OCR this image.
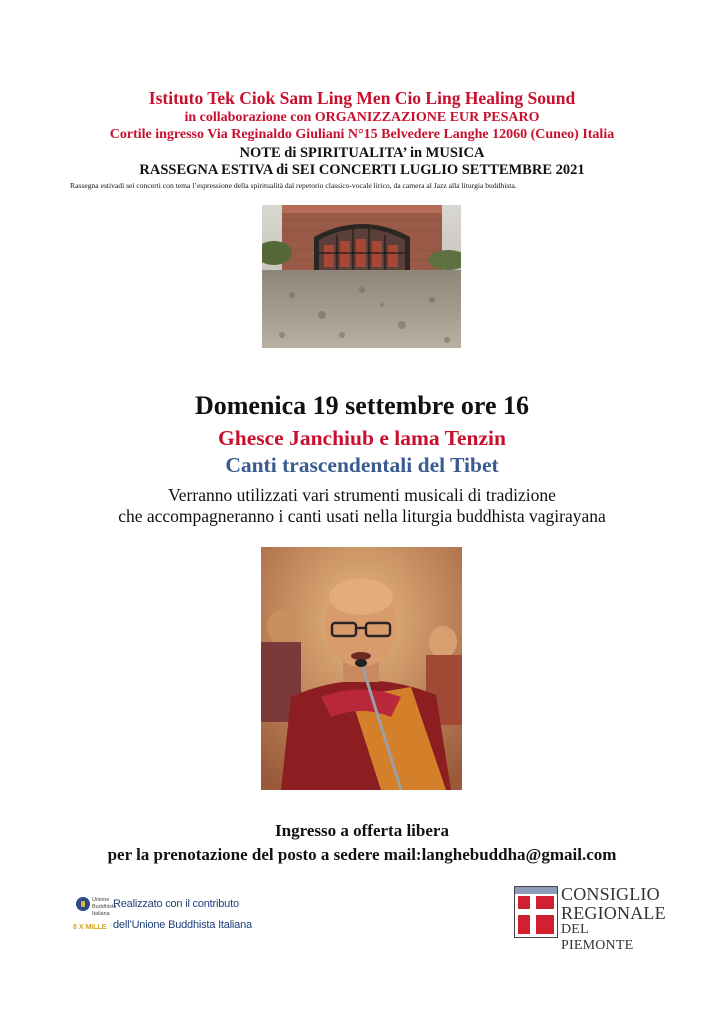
Istituto Tek Ciok Sam Ling Men Cio Ling Healing Sound
in collaborazione con ORGANIZZAZIONE EUR PESARO
Cortile ingresso Via Reginaldo Giuliani N°15 Belvedere Langhe 12060 (Cuneo) Italia
NOTE di SPIRITUALITA’ in MUSICA
RASSEGNA ESTIVA di SEI CONCERTI LUGLIO SETTEMBRE 2021
Rassegna estivadi sei concerti con tema l’espressione della spiritualità dal repetorio classico-vocale lirico, da camera al Jazz alla liturgia buddhista.
Domenica 19 settembre ore 16
Ghesce Janchiub e lama Tenzin
Canti trascendentali del Tibet
Verranno utilizzati vari strumenti musicali di tradizione
che accompagneranno i canti usati nella liturgia buddhista vagirayana
Ingresso a offerta libera
per la prenotazione del posto a sedere mail:langhebuddha@gmail.com
Unione
Buddhista
Italiana
8 X MILLE
Realizzato con il contributo
dell’Unione Buddhista Italiana
CONSIGLIO
REGIONALE
DEL PIEMONTE
